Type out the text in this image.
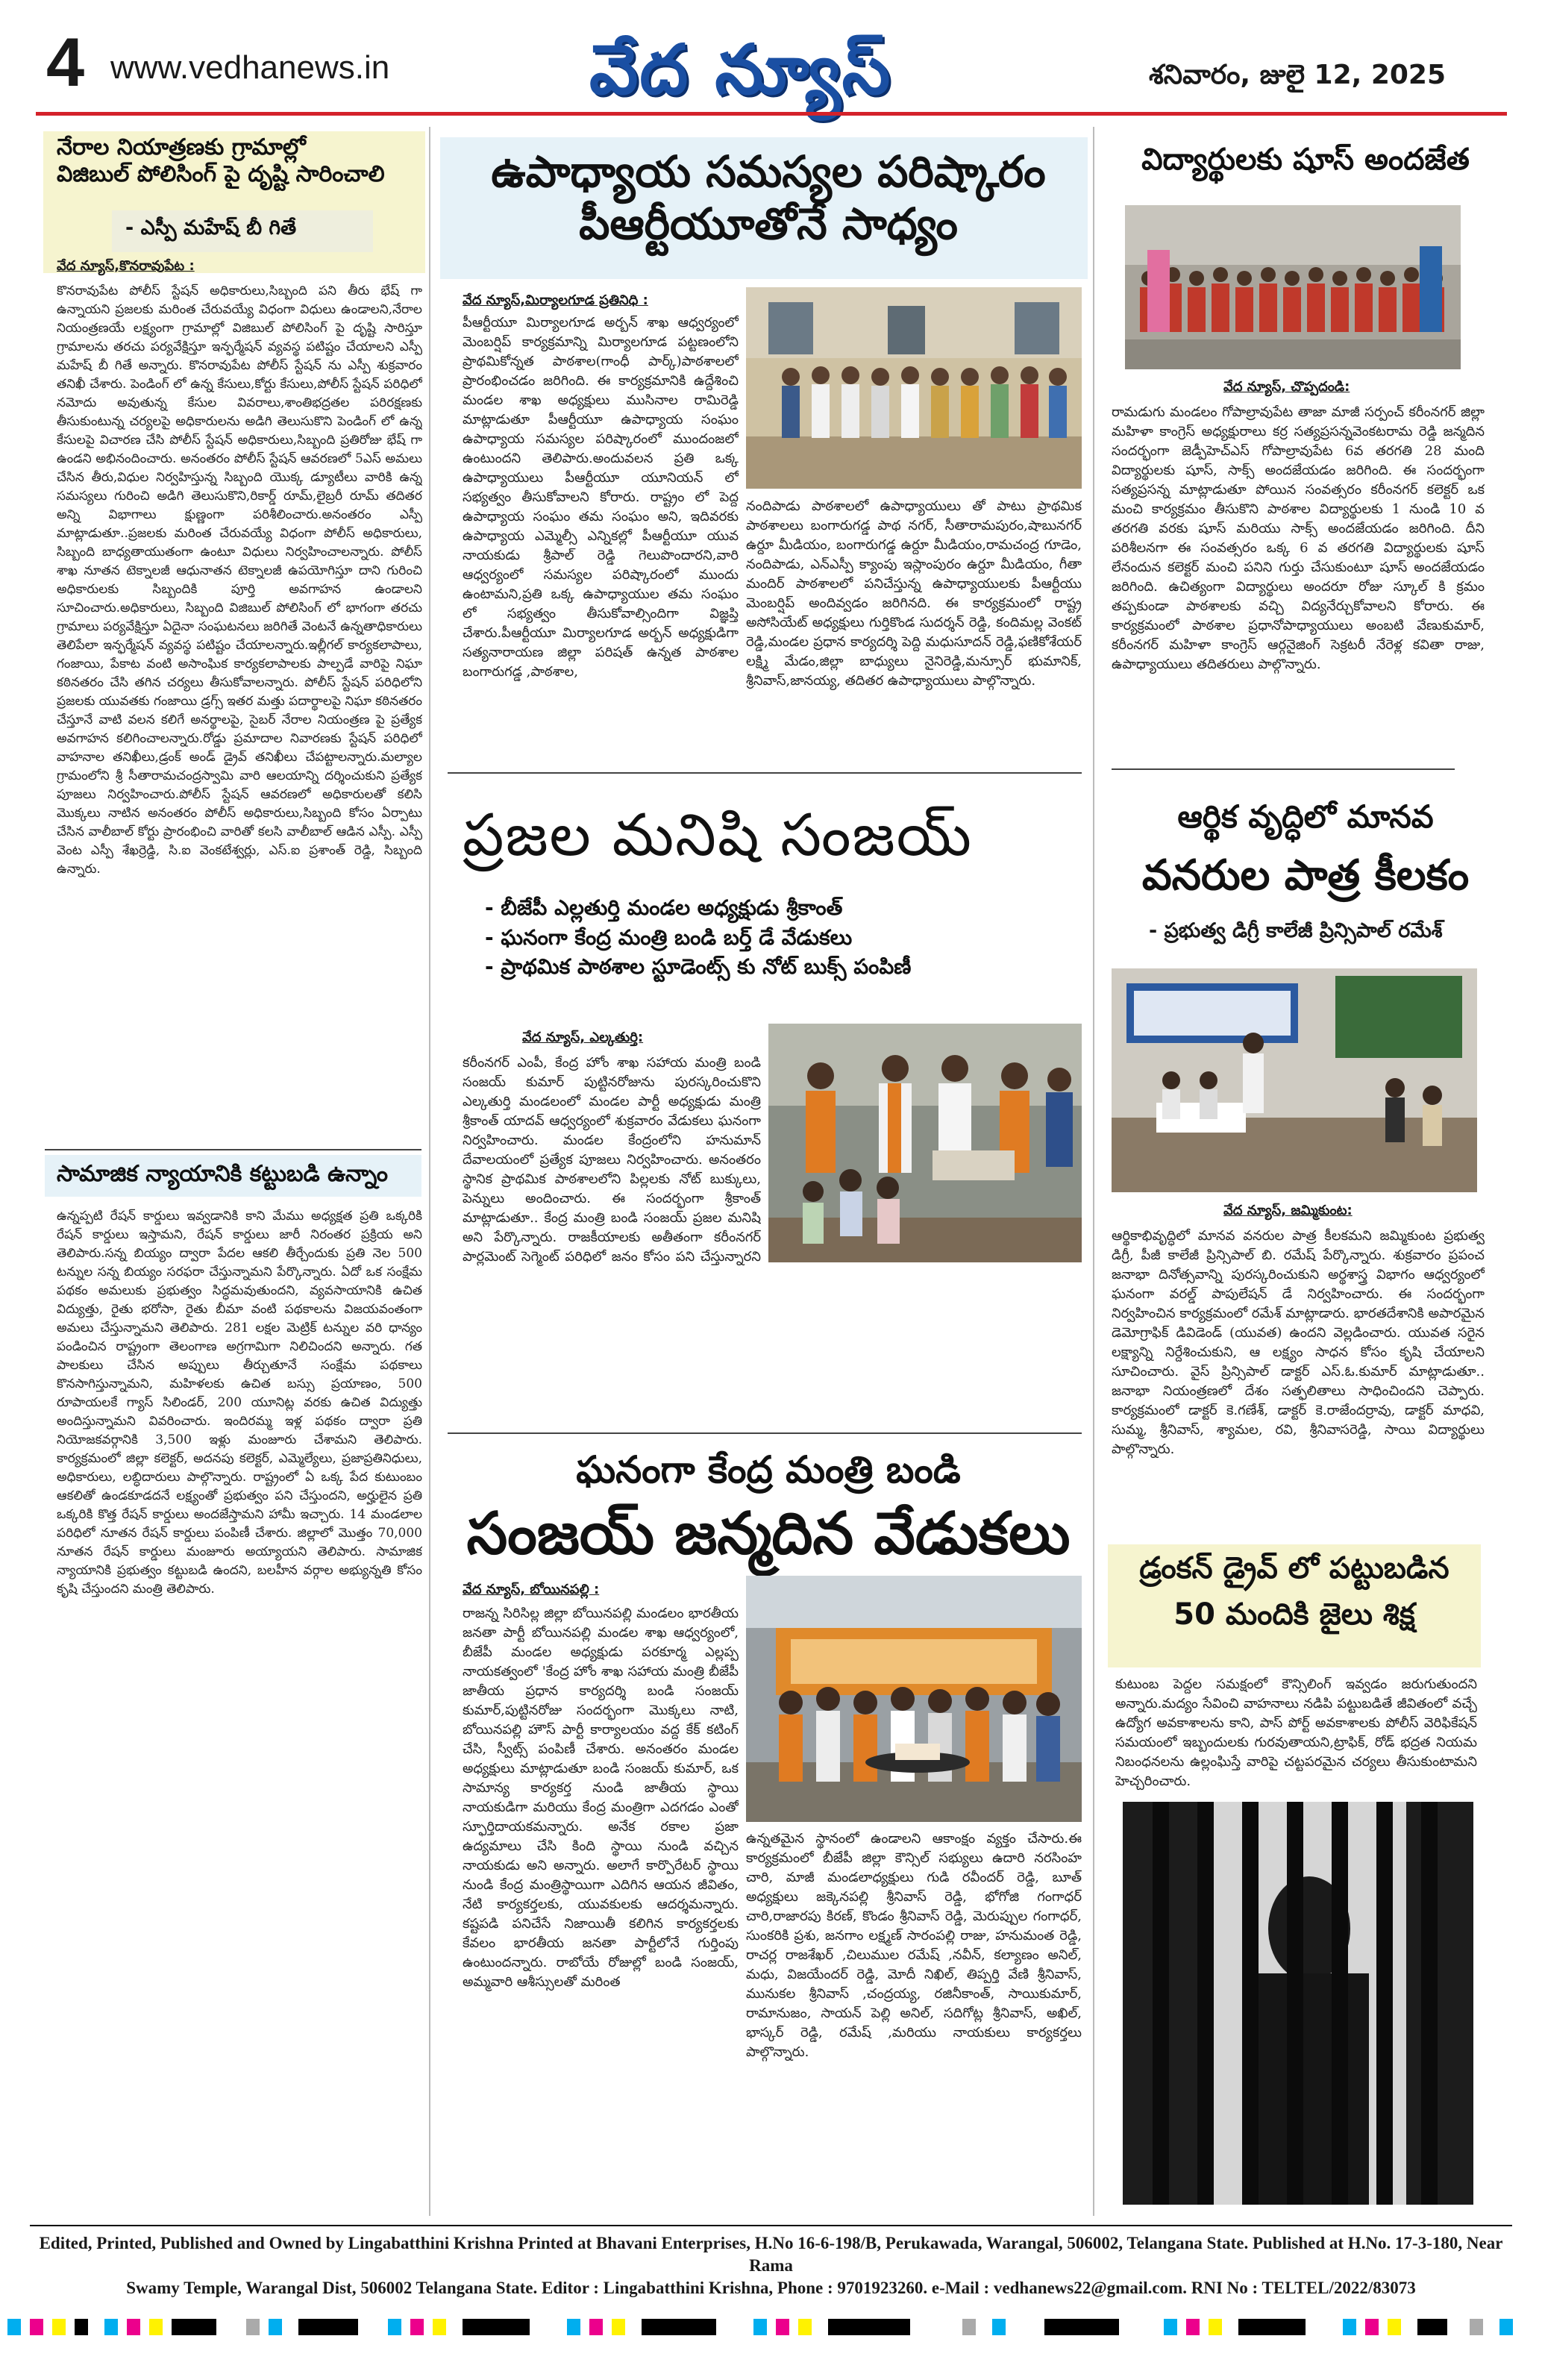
4 www.vedhanews.in	వేద న్యూస్	శనివారం, జులై 12, 2025
నేరాల నియాత్రణకు గ్రామాల్లో
విజిబుల్ పోలిసింగ్ పై దృష్టి సారించాలి
- ఎస్పీ మహేష్ బీ గితే
వేద న్యూస్,కొనరావుపేట :
కొనరావుపేట పోలీస్ స్టేషన్ అధికారులు,సిబ్బంది పని తీరు భేష్ గా ఉన్నాయని ప్రజలకు మరింత చేరువయ్యే విధంగా విధులు ఉండాలని,నేరాల నియంత్రణయే లక్ష్యంగా గ్రామాల్లో విజిబుల్ పోలిసింగ్ పై దృష్టి సారిస్తూ గ్రామాలను తరచు పర్యవేక్షిస్తూ ఇన్ఫర్మేషన్ వ్యవస్థ పటిష్టం చేయాలని ఎస్పీ మహేష్ బీ గితే అన్నారు. కొనరావుపేట పోలీస్ స్టేషన్ ను ఎస్పీ శుక్రవారం తనిఖీ చేశారు. పెండింగ్ లో ఉన్న కేసులు,కోర్టు కేసులు,పోలీస్ స్టేషన్ పరిధిలో నమోదు అవుతున్న కేసుల వివరాలు,శాంతిభద్రతల పరిరక్షణకు తీసుకుంటున్న చర్యలపై అధికారులను అడిగి తెలుసుకొని పెండింగ్ లో ఉన్న కేసులపై విచారణ చేసి పోలీస్ స్టేషన్ అధికారులు,సిబ్బంది ప్రతిరోజు భేష్ గా ఉండని అభినందించారు. అనంతరం పోలీస్ స్టేషన్ ఆవరణలో 5ఎస్ అమలు చేసిన తీరు,విధుల నిర్వహిస్తున్న సిబ్బంది యొక్క డ్యూటీలు వారికి ఉన్న సమస్యలు గురించి అడిగి తెలుసుకొని,రికార్డ్ రూమ్,లైబ్రరీ రూమ్ తదితర అన్ని విభాగాలు క్షుణ్ణంగా పరిశీలించారు.అనంతరం ఎస్పీ మాట్లాడుతూ..ప్రజలకు మరింత చేరువయ్యే విధంగా పోలీస్ అధికారులు, సిబ్బంది బాధ్యతాయుతంగా ఉంటూ విధులు నిర్వహించాలన్నారు. పోలీస్ శాఖ నూతన టెక్నాలజీ ఆధునాతన టెక్నాలజీ ఉపయోగిస్తూ దాని గురించి అధికారులకు సిబ్బందికి పూర్తి అవగాహన ఉండాలని సూచించారు.అధికారులు, సిబ్బంది విజిబుల్ పోలిసింగ్ లో భాగంగా తరచు గ్రామాలు పర్యవేక్షిస్తూ ఏదైనా సంఘటనలు జరిగితే వెంటనే ఉన్నతాధికారులు తెలిపేలా ఇన్ఫర్మేషన్ వ్యవస్థ పటిష్టం చేయాలన్నారు.ఇల్లీగల్ కార్యకలాపాలు, గంజాయి, పేకాట వంటి అసాంఘిక కార్యకలాపాలకు పాల్పడే వారిపై నిఘా కఠినతరం చేసి తగిన చర్యలు తీసుకోవాలన్నారు. పోలీస్ స్టేషన్ పరిధిలోని ప్రజలకు యువతకు గంజాయి డ్రగ్స్ ఇతర మత్తు పదార్థాలపై నిఘా కఠినతరం చేస్తూనే వాటి వలన కలిగే అనర్థాలపై, సైబర్ నేరాల నియంత్రణ పై ప్రత్యేక అవగాహన కలిగించాలన్నారు.రోడ్డు ప్రమాదాల నివారణకు స్టేషన్ పరిధిలో వాహనాల తనిఖీలు,డ్రంక్ అండ్ డ్రైవ్ తనిఖీలు చేపట్టాలన్నారు.మల్యాల గ్రామంలోని శ్రీ సీతారామచంద్రస్వామి వారి ఆలయాన్ని దర్శించుకుని ప్రత్యేక పూజలు నిర్వహించారు.పోలీస్ స్టేషన్ ఆవరణలో అధికారులతో కలిసి మొక్కలు నాటిన అనంతరం పోలీస్ అధికారులు,సిబ్బంది కోసం ఏర్పాటు చేసిన వాలీబాల్ కోర్టు ప్రారంభించి వారితో కలసి వాలీబాల్ ఆడిన ఎస్పీ. ఎస్పీ వెంట ఎస్పీ శేఖర్రెడ్డి, సి.ఐ వెంకటేశ్వర్లు, ఎస్.ఐ ప్రశాంత్ రెడ్డి, సిబ్బంది ఉన్నారు.
సామాజిక న్యాయానికి కట్టుబడి ఉన్నాం
ఉన్నప్పటి రేషన్ కార్డులు ఇవ్వడానికి కాని మేము అధ్యక్షత ప్రతి ఒక్కరికి రేషన్ కార్డులు ఇస్తామని, రేషన్ కార్డులు జారీ నిరంతర ప్రక్రియ అని తెలిపారు.సన్న బియ్యం ద్వారా పేదల ఆకలి తీర్చేందుకు ప్రతి నెల 500 టన్నుల సన్న బియ్యం సరఫరా చేస్తున్నామని పేర్కొన్నారు. ఏదో ఒక సంక్షేమ పథకం అమలుకు ప్రభుత్వం సిద్ధమవుతుందని, వ్యవసాయానికి ఉచిత విద్యుత్తు, రైతు భరోసా, రైతు బీమా వంటి పథకాలను విజయవంతంగా అమలు చేస్తున్నామని తెలిపారు. 281 లక్షల మెట్రిక్ టన్నుల వరి ధాన్యం పండించిన రాష్ట్రంగా తెలంగాణ అగ్రగామిగా నిలిచిందని అన్నారు. గత పాలకులు చేసిన అప్పులు తీర్చుతూనే సంక్షేమ పథకాలు కొనసాగిస్తున్నామని, మహిళలకు ఉచిత బస్సు ప్రయాణం, 500 రూపాయలకే గ్యాస్ సిలిండర్, 200 యూనిట్ల వరకు ఉచిత విద్యుత్తు అందిస్తున్నామని వివరించారు. ఇందిరమ్మ ఇళ్ల పథకం ద్వారా ప్రతి నియోజకవర్గానికి 3,500 ఇళ్లు మంజూరు చేశామని తెలిపారు. కార్యక్రమంలో జిల్లా కలెక్టర్, అదనపు కలెక్టర్, ఎమ్మెల్యేలు, ప్రజాప్రతినిధులు, అధికారులు, లబ్ధిదారులు పాల్గొన్నారు. రాష్ట్రంలో ఏ ఒక్క పేద కుటుంబం ఆకలితో ఉండకూడదనే లక్ష్యంతో ప్రభుత్వం పని చేస్తుందని, అర్హులైన ప్రతి ఒక్కరికి కొత్త రేషన్ కార్డులు అందజేస్తామని హామీ ఇచ్చారు. 14 మండలాల పరిధిలో నూతన రేషన్ కార్డులు పంపిణీ చేశారు. జిల్లాలో మొత్తం 70,000 నూతన రేషన్ కార్డులు మంజూరు అయ్యాయని తెలిపారు. సామాజిక న్యాయానికి ప్రభుత్వం కట్టుబడి ఉందని, బలహీన వర్గాల అభ్యున్నతి కోసం కృషి చేస్తుందని మంత్రి తెలిపారు.
ఉపాధ్యాయ సమస్యల పరిష్కారం
పీఆర్టీయూతోనే సాధ్యం
వేద న్యూస్,మిర్యాలగూడ ప్రతినిధి :
పీఆర్టీయూ మిర్యాలగూడ అర్బన్ శాఖ ఆధ్వర్యంలో మెంబర్షిప్ కార్యక్రమాన్ని మిర్యాలగూడ పట్టణంలోని ప్రాథమికోన్నత పాఠశాల(గాంధీ పార్క్)పాఠశాలలో ప్రారంభించడం జరిగింది. ఈ కార్యక్రమానికి ఉద్దేశించి మండల శాఖ అధ్యక్షులు ముసినాల రామిరెడ్డి మాట్లాడుతూ పీఆర్టీయూ ఉపాధ్యాయ సంఘం ఉపాధ్యాయ సమస్యల పరిష్కారంలో ముందంజలో ఉంటుందని తెలిపారు.అందువలన ప్రతి ఒక్క ఉపాధ్యాయులు పీఆర్టీయూ యూనియన్ లో సభ్యత్వం తీసుకోవాలని కోరారు. రాష్ట్రం లో పెద్ద ఉపాధ్యాయ సంఘం తమ సంఘం అని, ఇదివరకు ఉపాధ్యాయ ఎమ్మెల్సీ ఎన్నికల్లో పీఆర్టీయూ యువ నాయకుడు శ్రీపాల్ రెడ్డి గెలుపొందారని,వారి ఆధ్వర్యంలో సమస్యల పరిష్కారంలో ముందు ఉంటామని,ప్రతి ఒక్క ఉపాధ్యాయుల తమ సంఘం లో సభ్యత్వం తీసుకోవాల్సిందిగా విజ్ఞప్తి చేశారు.పీఆర్టీయూ మిర్యాలగూడ అర్బన్ అధ్యక్షుడిగా సత్యనారాయణ జిల్లా పరిషత్ ఉన్నత పాఠశాల బంగారుగడ్డ ,పాఠశాల,
నందిపాడు పాఠశాలలో ఉపాధ్యాయులు తో పాటు ప్రాథమిక పాఠశాలలు బంగారుగడ్డ పాథ నగర్, సీతారామపురం,షాబునగర్ ఉర్దూ మీడియం, బంగారుగడ్డ ఉర్దూ మీడియం,రామచంద్ర గూడెం, నందిపాడు, ఎన్ఎస్పీ క్యాంపు ఇస్లాంపురం ఉర్దూ మీడియం, గీతా మందిర్ పాఠశాలలో పనిచేస్తున్న ఉపాధ్యాయులకు పీఆర్టీయు మెంబర్షిప్ అందివ్వడం జరిగినది. ఈ కార్యక్రమంలో రాష్ట్ర అసోసియేట్ అధ్యక్షులు గుర్తికొండ సుదర్శన్ రెడ్డి, కందిమల్ల వెంకట్ రెడ్డి,మండల ప్రధాన కార్యదర్శి పెద్ది మధుసూదన్ రెడ్డి,ఫణికోశేయర్ లక్ష్మి మేడం,జిల్లా బాధ్యులు నైనిరెడ్డి,మన్సూర్ భుమానిక్, శ్రీనివాస్,జానయ్య, తదితర ఉపాధ్యాయులు పాల్గొన్నారు.
ప్రజల మనిషి సంజయ్
- బీజేపీ ఎల్లతుర్తి మండల అధ్యక్షుడు శ్రీకాంత్
- ఘనంగా కేంద్ర మంత్రి బండి బర్త్ డే వేడుకలు
- ప్రాథమిక పాఠశాల స్టూడెంట్స్ కు నోట్ బుక్స్ పంపిణీ
వేద న్యూస్, ఎల్కతుర్తి:
కరీంనగర్ ఎంపీ, కేంద్ర హోం శాఖ సహాయ మంత్రి బండి సంజయ్ కుమార్ పుట్టినరోజును పురస్కరించుకొని ఎల్కతుర్తి మండలంలో మండల పార్టీ అధ్యక్షుడు మంత్రి శ్రీకాంత్ యాదవ్ ఆధ్వర్యంలో శుక్రవారం వేడుకలు ఘనంగా నిర్వహించారు. మండల కేంద్రంలోని హనుమాన్ దేవాలయంలో ప్రత్యేక పూజలు నిర్వహించారు. అనంతరం స్థానిక ప్రాథమిక పాఠశాలలోని పిల్లలకు నోట్ బుక్కులు, పెన్నులు అందించారు. ఈ సందర్భంగా శ్రీకాంత్ మాట్లాడుతూ.. కేంద్ర మంత్రి బండి సంజయ్ ప్రజల మనిషి అని పేర్కొన్నారు. రాజకీయాలకు అతీతంగా కరీంనగర్ పార్లమెంట్ సెగ్మెంట్ పరిధిలో జనం కోసం పని చేస్తున్నారని
ఘనంగా కేంద్ర మంత్రి బండి
సంజయ్ జన్మదిన వేడుకలు
వేద న్యూస్, బోయినపల్లి :
రాజన్న సిరిసిల్ల జిల్లా బోయినపల్లి మండలం భారతీయ జనతా పార్టీ బోయినపల్లి మండల శాఖ ఆధ్వర్యంలో, బీజేపీ మండల అధ్యక్షుడు పరకూర్మ ఎల్లప్ప నాయకత్వంలో 'కేంద్ర హోం శాఖ సహాయ మంత్రి బీజేపీ జాతీయ ప్రధాన కార్యదర్శి బండి సంజయ్ కుమార్,పుట్టినరోజు సందర్భంగా మొక్కలు నాటి, బోయినపల్లి హౌస్ పార్టీ కార్యాలయం వద్ద కేక్ కటింగ్ చేసి, స్వీట్స్ పంపిణీ చేశారు. అనంతరం మండల అధ్యక్షులు మాట్లాడుతూ బండి సంజయ్ కుమార్, ఒక సామాన్య కార్యకర్త నుండి జాతీయ స్థాయి నాయకుడిగా మరియు కేంద్ర మంత్రిగా ఎదగడం ఎంతో స్ఫూర్తిదాయకమన్నారు. అనేక రకాల ప్రజా ఉద్యమాలు చేసి కింది స్థాయి నుండి వచ్చిన నాయకుడు అని అన్నారు. అలాగే కార్పొరేటర్ స్థాయి నుండి కేంద్ర మంత్రిస్థాయిగా ఎదిగిన ఆయన జీవితం, నేటి కార్యకర్తలకు, యువకులకు ఆదర్శమన్నారు. కష్టపడి పనిచేసే నిజాయితీ కలిగిన కార్యకర్తలకు కేవలం భారతీయ జనతా పార్టీలోనే గుర్తింపు ఉంటుందన్నారు. రాబోయే రోజుల్లో బండి సంజయ్, అమ్మవారి ఆశీస్సులతో మరింత
ఉన్నతమైన స్థానంలో ఉండాలని ఆకాంక్షం వ్యక్తం చేసారు.ఈ కార్యక్రమంలో బీజేపీ జిల్లా కౌన్సిల్ సభ్యులు ఉదారి నరసింహ చారి, మాజీ మండలాధ్యక్షులు గుడి రవీందర్ రెడ్డి, బూత్ అధ్యక్షులు జక్కెనపల్లి శ్రీనివాస్ రెడ్డి, భోగోజి గంగాధర్ చారి,రాజారపు కిరణ్, కొండం శ్రీనివాస్ రెడ్డి, మెరుప్పుల గంగాధర్, సుంకరికి ప్రశు, జనగాం లక్ష్మణ్ సారంపల్లి రాజు, హనుమంత రెడ్డి, రాచర్ల రాజశేఖర్ ,చిలుముల రమేష్ ,నవీన్, కల్యాణం అనిల్, మధు, విజయేందర్ రెడ్డి, మోదీ నిఖిల్, తిప్పర్తి వేణి శ్రీనివాస్, మునుకల శ్రీనివాస్ ,చంద్రయ్య, రజినీకాంత్, సాయికుమార్, రామానుజం, సాయన్ పెల్లి అనిల్, సదిగోట్ల శ్రీనివాస్, అఖిల్, భాస్కర్ రెడ్డి, రమేష్ ,మరియు నాయకులు కార్యకర్తలు పాల్గొన్నారు.
విద్యార్థులకు షూస్ అందజేత
వేద న్యూస్, చొప్పదండి:
రామడుగు మండలం గోపాల్రావుపేట తాజా మాజీ సర్పంచ్ కరీంనగర్ జిల్లా మహిళా కాంగ్రెస్ అధ్యక్షురాలు కర్ర సత్యప్రసన్నవెంకటరామ రెడ్డి జన్మదిన సందర్భంగా జెడ్పీహెచ్ఎస్ గోపాల్రావుపేట 6వ తరగతి 28 మంది విద్యార్థులకు షూస్, సాక్స్ అందజేయడం జరిగింది. ఈ సందర్భంగా సత్యప్రసన్న మాట్లాడుతూ పోయిన సంవత్సరం కరీంనగర్ కలెక్టర్ ఒక మంచి కార్యక్రమం తీసుకొని పాఠశాల విద్యార్థులకు 1 నుండి 10 వ తరగతి వరకు షూస్ మరియు సాక్స్ అందజేయడం జరిగింది. దీని పరిశీలనగా ఈ సంవత్సరం ఒక్క 6 వ తరగతి విద్యార్థులకు షూస్ లేనందున కలెక్టర్ మంచి పనిని గుర్తు చేసుకుంటూ షూస్ అందజేయడం జరిగింది. ఉచిత్యంగా విద్యార్థులు అందరూ రోజు స్కూల్ కి క్రమం తప్పకుండా పాఠశాలకు వచ్చి విద్యనేర్చుకోవాలని కోరారు. ఈ కార్యక్రమంలో పాఠశాల ప్రధానోపాధ్యాయులు అంబటి వేణుకుమార్, కరీంనగర్ మహిళా కాంగ్రెస్ ఆర్గనైజింగ్ సెక్రటరీ నేరెళ్ల కవితా రాజు, ఉపాధ్యాయులు తదితరులు పాల్గొన్నారు.
ఆర్థిక వృద్ధిలో మానవ
వనరుల పాత్ర కీలకం
- ప్రభుత్వ డిగ్రీ కాలేజీ ప్రిన్సిపాల్ రమేశ్
వేద న్యూస్, జమ్మికుంట:
ఆర్థికాభివృద్ధిలో మానవ వనరుల పాత్ర కీలకమని జమ్మికుంట ప్రభుత్వ డిగ్రీ, పీజీ కాలేజీ ప్రిన్సిపాల్ బి. రమేష్ పేర్కొన్నారు. శుక్రవారం ప్రపంచ జనాభా దినోత్సవాన్ని పురస్కరించుకుని అర్థశాస్త్ర విభాగం ఆధ్వర్యంలో ఘనంగా వరల్డ్ పాపులేషన్ డే నిర్వహించారు. ఈ సందర్భంగా నిర్వహించిన కార్యక్రమంలో రమేశ్ మాట్లాడారు. భారతదేశానికి అపారమైన డెమోగ్రాఫిక్ డివిడెండ్ (యువత) ఉందని వెల్లడించారు. యువత సరైన లక్ష్యాన్ని నిర్దేశించుకుని, ఆ లక్ష్యం సాధన కోసం కృషి చేయాలని సూచించారు. వైస్ ప్రిన్సిపాల్ డాక్టర్ ఎస్.ఓ.కుమార్ మాట్లాడుతూ.. జనాభా నియంత్రణలో దేశం సత్ఫలితాలు సాధించిందని చెప్పారు. కార్యక్రమంలో డాక్టర్ కె.గణేశ్, డాక్టర్ కె.రాజేందర్రావు, డాక్టర్ మాధవి, సుమ్మ, శ్రీనివాస్, శ్యామల, రవి, శ్రీనివాసరెడ్డి, సాయి విద్యార్థులు పాల్గొన్నారు.
డ్రంకన్ డ్రైవ్ లో పట్టుబడిన
50 మందికి జైలు శిక్ష
కుటుంబ పెద్దల సమక్షంలో కౌన్సిలింగ్ ఇవ్వడం జరుగుతుందని అన్నారు.మద్యం సేవించి వాహనాలు నడిపి పట్టుబడితే జీవితంలో వచ్చే ఉద్యోగ అవకాశాలను కాని, పాస్ పోర్ట్ అవకాశాలకు పోలీస్ వెరిఫికేషన్ సమయంలో ఇబ్బందులకు గురవుతాయని,ట్రాఫిక్, రోడ్ భద్రత నియమ నిబంధనలను ఉల్లంఘిస్తే వారిపై చట్టపరమైన చర్యలు తీసుకుంటామని హెచ్చరించారు.
Edited, Printed, Published and Owned by Lingabatthini Krishna Printed at Bhavani Enterprises, H.No 16-6-198/B, Perukawada, Warangal, 506002, Telangana State. Published at H.No. 17-3-180, Near Rama
Swamy Temple, Warangal Dist, 506002 Telangana State. Editor : Lingabatthini Krishna, Phone : 9701923260. e-Mail : vedhanews22@gmail.com. RNI No : TELTEL/2022/83073
